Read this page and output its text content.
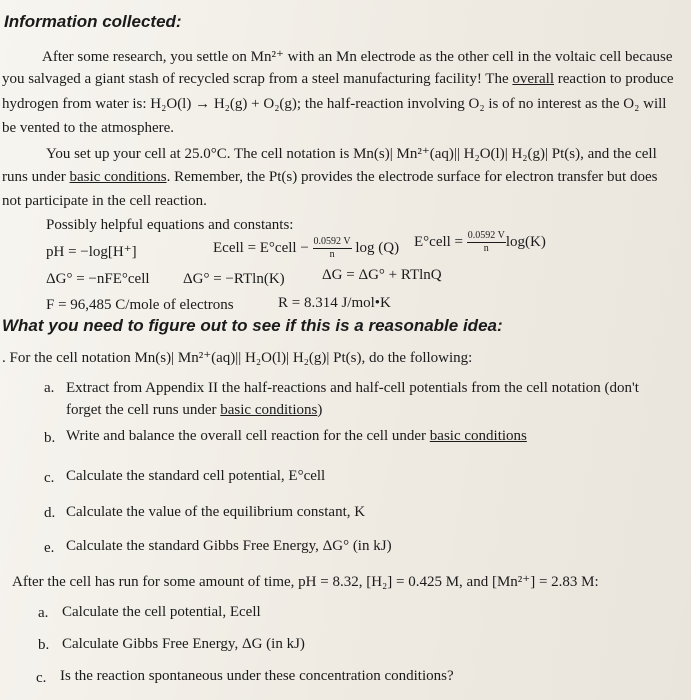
Information collected:
After some research, you settle on Mn²⁺ with an Mn electrode as the other cell in the voltaic cell because
you salvaged a giant stash of recycled scrap from a steel manufacturing facility! The overall reaction to produce
hydrogen from water is: H₂O(l) → H₂(g) + O₂(g); the half-reaction involving O₂ is of no interest as the O₂ will
be vented to the atmosphere.
You set up your cell at 25.0°C. The cell notation is Mn(s)| Mn²⁺(aq)|| H₂O(l)| H₂(g)| Pt(s), and the cell
runs under basic conditions. Remember, the Pt(s) provides the electrode surface for electron transfer but does
not participate in the cell reaction.
Possibly helpful equations and constants:
pH = −log[H⁺]	Ecell = E°cell − $\frac{0.0592 V}{n}$ log (Q) E°cell = $\frac{0.0592 V}{n} \log(K)$
ΔG° = −nFE°cell ΔG° = −RTln(K) ΔG = ΔG° + RTlnQ
F = 96,485 C/mole of electrons	R = 8.314 J/mol•K
What you need to figure out to see if this is a reasonable idea:
. For the cell notation Mn(s)| Mn²⁺(aq)|| H₂O(l)| H₂(g)| Pt(s), do the following:
a. Extract from Appendix II the half-reactions and half-cell potentials from the cell notation (don't
forget the cell runs under basic conditions)
b. Write and balance the overall cell reaction for the cell under basic conditions
c. Calculate the standard cell potential, E°cell
d. Calculate the value of the equilibrium constant, K
e. Calculate the standard Gibbs Free Energy, ΔG° (in kJ)
After the cell has run for some amount of time, pH = 8.32, [H₂] = 0.425 M, and [Mn²⁺] = 2.83 M:
a. Calculate the cell potential, Ecell
b. Calculate Gibbs Free Energy, ΔG (in kJ)
c. Is the reaction spontaneous under these concentration conditions?
